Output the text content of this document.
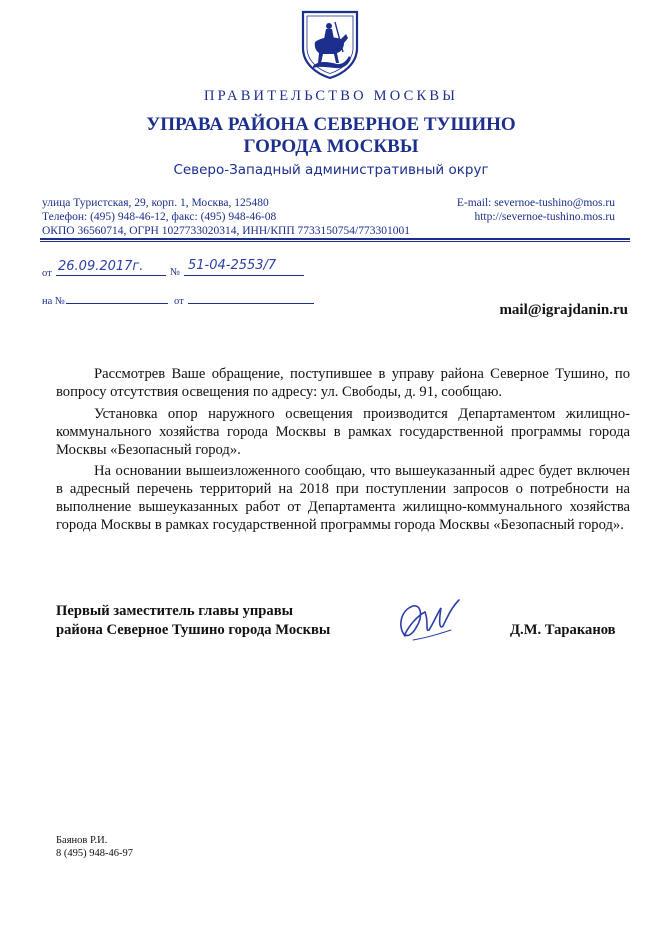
ПРАВИТЕЛЬСТВО МОСКВЫ
УПРАВА РАЙОНА СЕВЕРНОЕ ТУШИНО
ГОРОДА МОСКВЫ
Северо-Западный административный округ
улица Туристская, 29, корп. 1, Москва, 125480
Телефон: (495) 948-46-12, факс: (495) 948-46-08
ОКПО 36560714, ОГРН 1027733020314, ИНН/КПП 7733150754/773301001
E-mail: severnoe-tushino@mos.ru
http://severnoe-tushino.mos.ru
от 26.09.2017г.	№ 51-04-2553/7
на №	от
mail@igrajdanin.ru

Рассмотрев Ваше обращение, поступившее в управу района Северное Тушино, по вопросу отсутствия освещения по адресу: ул. Свободы, д. 91, сообщаю.

Установка опор наружного освещения производится Департаментом жилищно-коммунального хозяйства города Москвы в рамках государственной программы города Москвы «Безопасный город».

На основании вышеизложенного сообщаю, что вышеуказанный адрес будет включен в адресный перечень территорий на 2018 при поступлении запросов о потребности на выполнение вышеуказанных работ от Департамента жилищно-коммунального хозяйства города Москвы в рамках государственной программы города Москвы «Безопасный город».

Первый заместитель главы управы
района Северное Тушино города Москвы	Д.М. Тараканов
Баянов Р.И.
8 (495) 948-46-97
